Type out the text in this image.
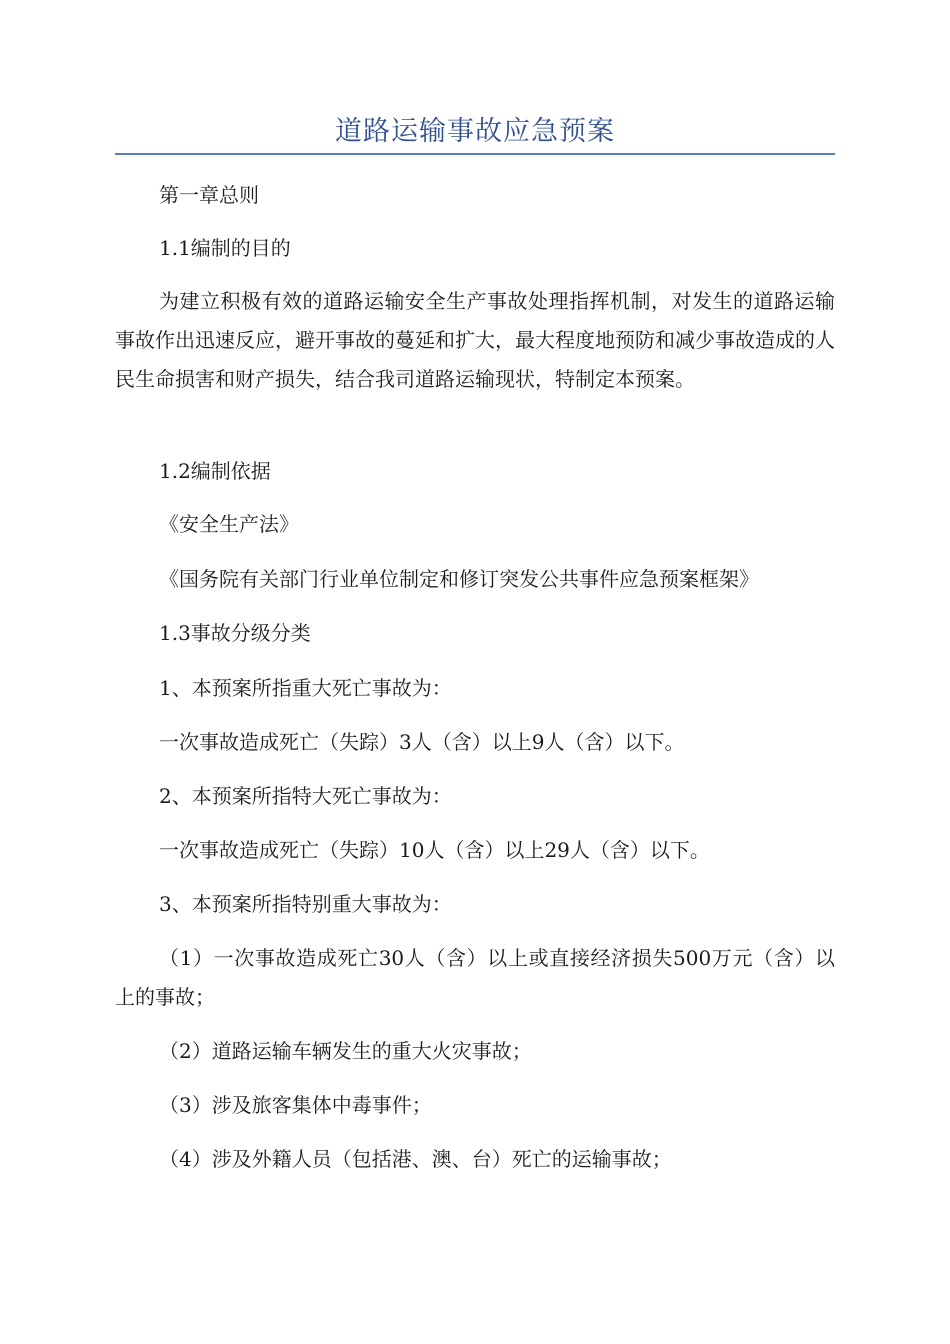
道路运输事故应急预案

第一章总则

1.1编制的目的

为建立积极有效的道路运输安全生产事故处理指挥机制，对发生的道路运输事故作出迅速反应，避开事故的蔓延和扩大，最大程度地预防和减少事故造成的人民生命损害和财产损失，结合我司道路运输现状，特制定本预案。

1.2编制依据

《安全生产法》

《国务院有关部门行业单位制定和修订突发公共事件应急预案框架》

1.3事故分级分类

1、本预案所指重大死亡事故为：

一次事故造成死亡（失踪）3人（含）以上9人（含）以下。

2、本预案所指特大死亡事故为：

一次事故造成死亡（失踪）10人（含）以上29人（含）以下。

3、本预案所指特别重大事故为：

（1）一次事故造成死亡30人（含）以上或直接经济损失500万元（含）以上的事故；

（2）道路运输车辆发生的重大火灾事故；

（3）涉及旅客集体中毒事件；

（4）涉及外籍人员（包括港、澳、台）死亡的运输事故；
